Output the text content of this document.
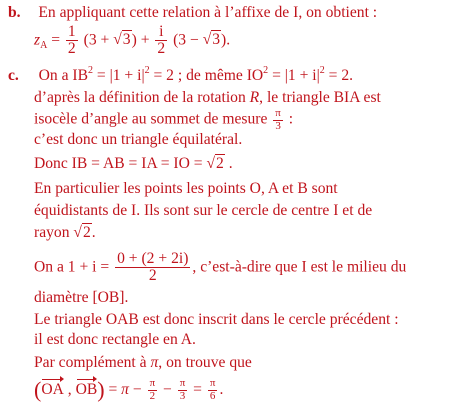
b. En appliquant cette relation à l’affixe de I, on obtient :
$z_A = \frac{1}{2} (3 + √3) + \frac{i}{2} (3 - √3)$.
c. On a $IB^2 = |1 + i|^2 = 2$ ; de même $IO^2 = |1 + i|^2 = 2$.
d’après la définition de la rotation R, le triangle BIA est
isocèle d’angle au sommet de mesure $\frac{\pi}{3}$ :
c’est donc un triangle équilatéral.
Donc IB = AB = IA = IO = √2 .
En particulier les points les points O, A et B sont
équidistants de I. Ils sont sur le cercle de centre I et de
rayon √2.
On a $1 + i = \frac{0 + (2 + 2i)}{2}$ , c’est-à-dire que I est le milieu du
diamètre [OB].
Le triangle OAB est donc inscrit dans le cercle précédent :
il est donc rectangle en A.
Par complément à π, on trouve que
(OA , $OB) = \pi - \frac{\pi}{2} - \frac{\pi}{3} = \frac{\pi}{6}$ .
